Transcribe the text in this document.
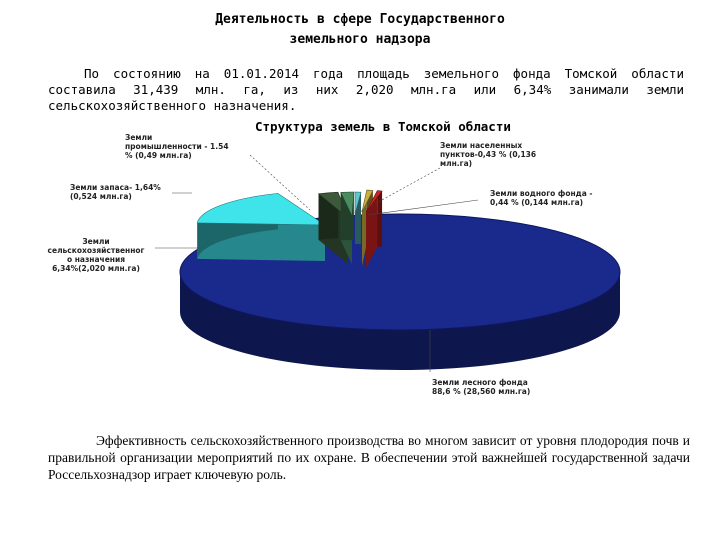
Деятельность в сфере Государственного
земельного надзора
По состоянию на 01.01.2014 года площадь земельного фонда Томской области составила 31,439 млн. га, из них 2,020 млн.га или 6,34% занимали земли сельскохозяйственного назначения.
Структура земель в Томской области
Земли лесного фонда 88,6 % (28,560 млн.га)
Земли сельскохозяйственног о назначения 6,34%(2,020 млн.га)
Земли запаса- 1,64% (0,524 млн.га)
Земли промышленности - 1.54 % (0,49 млн.га)
Земли населенных пунктов-0,43 % (0,136 млн.га)
Земли водного фонда -0,44 % (0,144 млн.га)
Эффективность сельскохозяйственного производства во многом зависит от уровня плодородия почв и правильной организации мероприятий по их охране. В обеспечении этой важнейшей государственной задачи Россельхознадзор играет ключевую роль.
